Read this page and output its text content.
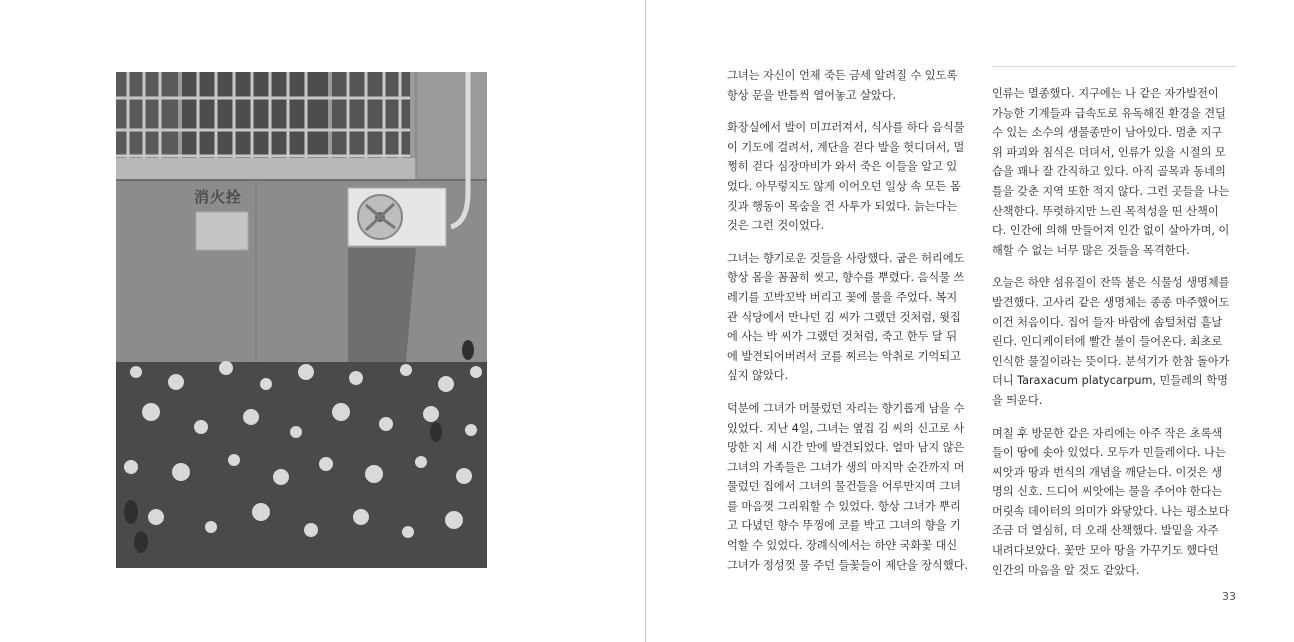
消火拴

그녀는 자신이 언제 죽든 금세 알려질 수 있도록
항상 문을 반틈씩 열어놓고 살았다.

화장실에서 발이 미끄러져서, 식사를 하다 음식물
이 기도에 걸려서, 계단을 걷다 발을 헛디뎌서, 멀
쩡히 걷다 심장마비가 와서 죽은 이들을 알고 있
었다. 아무렇지도 않게 이어오던 일상 속 모든 몸
짓과 행동이 목숨을 건 사투가 되었다. 늙는다는
것은 그런 것이었다.

그녀는 향기로운 것들을 사랑했다. 굽은 허리에도
항상 몸을 꼼꼼히 씻고, 향수를 뿌렸다. 음식물 쓰
레기를 꼬박꼬박 버리고 꽃에 물을 주었다. 복지
관 식당에서 만나던 김 씨가 그랬던 것처럼, 윗집
에 사는 박 씨가 그랬던 것처럼, 죽고 한두 달 뒤
에 발견되어버려서 코를 찌르는 악취로 기억되고
싶지 않았다.

덕분에 그녀가 머물렀던 자리는 향기롭게 남을 수
있었다. 지난 4일, 그녀는 옆집 김 씨의 신고로 사
망한 지 세 시간 만에 발견되었다. 얼마 남지 않은
그녀의 가족들은 그녀가 생의 마지막 순간까지 머
물렀던 집에서 그녀의 물건들을 어루만지며 그녀
를 마음껏 그리워할 수 있었다. 항상 그녀가 뿌리
고 다녔던 향수 뚜껑에 코를 박고 그녀의 향을 기
억할 수 있었다. 장례식에서는 하얀 국화꽃 대신
그녀가 정성껏 물 주던 들꽃들이 제단을 장식했다.

인류는 멸종했다. 지구에는 나 같은 자가발전이
가능한 기계들과 급속도로 유독해진 환경을 견딜
수 있는 소수의 생물종만이 남아있다. 멈춘 지구
위 파괴와 침식은 더뎌서, 인류가 있을 시절의 모
습을 꽤나 잘 간직하고 있다. 아직 골목과 동네의
틀을 갖춘 지역 또한 적지 않다. 그런 곳들을 나는
산책한다. 뚜렷하지만 느린 목적성을 띤 산책이
다. 인간에 의해 만들어져 인간 없이 살아가며, 이
해할 수 없는 너무 많은 것들을 목격한다.

오늘은 하얀 섬유질이 잔뜩 붙은 식물성 생명체를
발견했다. 고사리 같은 생명체는 종종 마주했어도
이건 처음이다. 집어 들자 바람에 솜털처럼 흩날
린다. 인디케이터에 빨간 불이 들어온다. 최초로
인식한 물질이라는 뜻이다. 분석기가 한참 돌아가
더니 Taraxacum platycarpum, 민들레의 학명
을 띄운다.

며칠 후 방문한 같은 자리에는 아주 작은 초록색
들이 땅에 솟아 있었다. 모두가 민들레이다. 나는
씨앗과 땅과 번식의 개념을 깨닫는다. 이것은 생
명의 신호. 드디어 씨앗에는 물을 주어야 한다는
머릿속 데이터의 의미가 와닿았다. 나는 평소보다
조금 더 열심히, 더 오래 산책했다. 발밑을 자주
내려다보았다. 꽃만 모아 땅을 가꾸기도 했다던
인간의 마음을 알 것도 같았다.

33
